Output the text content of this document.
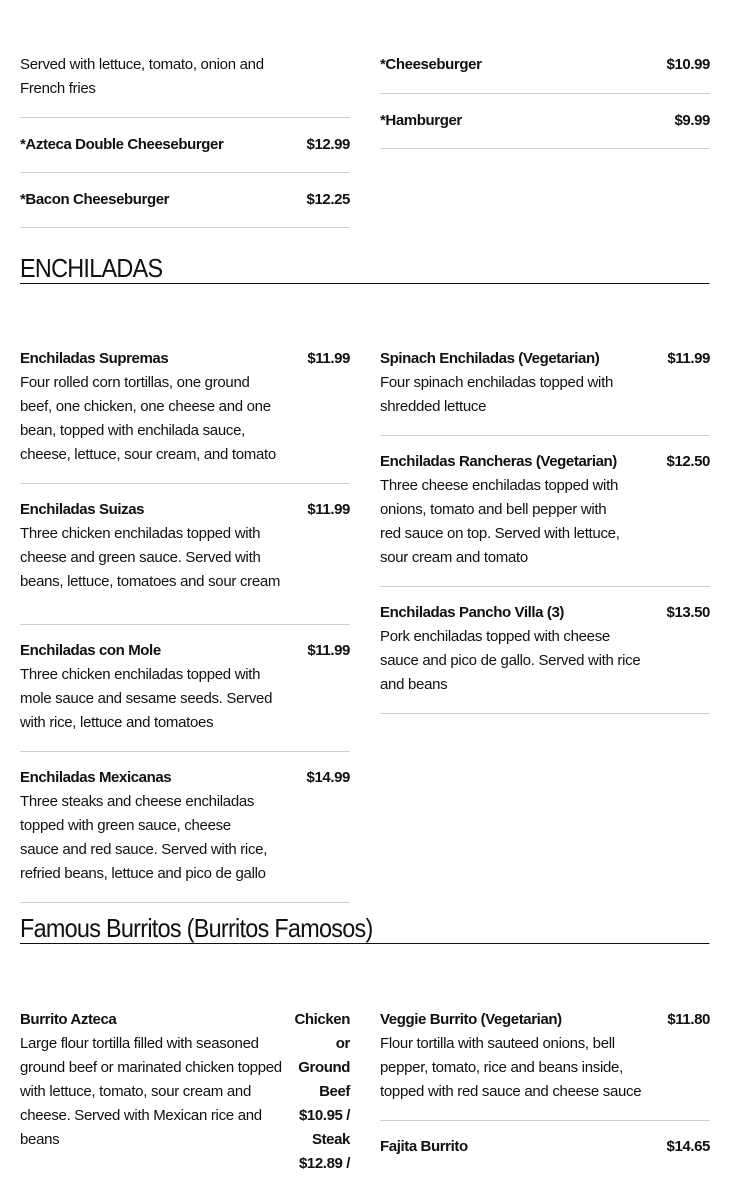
Served with lettuce, tomato, onion and French fries
*Azteca Double Cheeseburger	$12.99
*Bacon Cheeseburger	$12.25
*Cheeseburger	$10.99
*Hamburger	$9.99
ENCHILADAS
Enchiladas Supremas	$11.99
Four rolled corn tortillas, one ground beef, one chicken, one cheese and one bean, topped with enchilada sauce, cheese, lettuce, sour cream, and tomato
Enchiladas Suizas	$11.99
Three chicken enchiladas topped with cheese and green sauce. Served with beans, lettuce, tomatoes and sour cream
Enchiladas con Mole	$11.99
Three chicken enchiladas topped with mole sauce and sesame seeds. Served with rice, lettuce and tomatoes
Enchiladas Mexicanas	$14.99
Three steaks and cheese enchiladas topped with green sauce, cheese sauce and red sauce. Served with rice, refried beans, lettuce and pico de gallo
Spinach Enchiladas (Vegetarian)	$11.99
Four spinach enchiladas topped with shredded lettuce
Enchiladas Rancheras (Vegetarian)	$12.50
Three cheese enchiladas topped with onions, tomato and bell pepper with red sauce on top. Served with lettuce, sour cream and tomato
Enchiladas Pancho Villa (3)	$13.50
Pork enchiladas topped with cheese sauce and pico de gallo. Served with rice and beans
Famous Burritos (Burritos Famosos)
Burrito Azteca	Chicken or Ground Beef $10.95 / Steak $12.89 /
Large flour tortilla filled with seasoned ground beef or marinated chicken topped with lettuce, tomato, sour cream and cheese. Served with Mexican rice and beans
Veggie Burrito (Vegetarian)	$11.80
Flour tortilla with sauteed onions, bell pepper, tomato, rice and beans inside, topped with red sauce and cheese sauce
Fajita Burrito	$14.65
